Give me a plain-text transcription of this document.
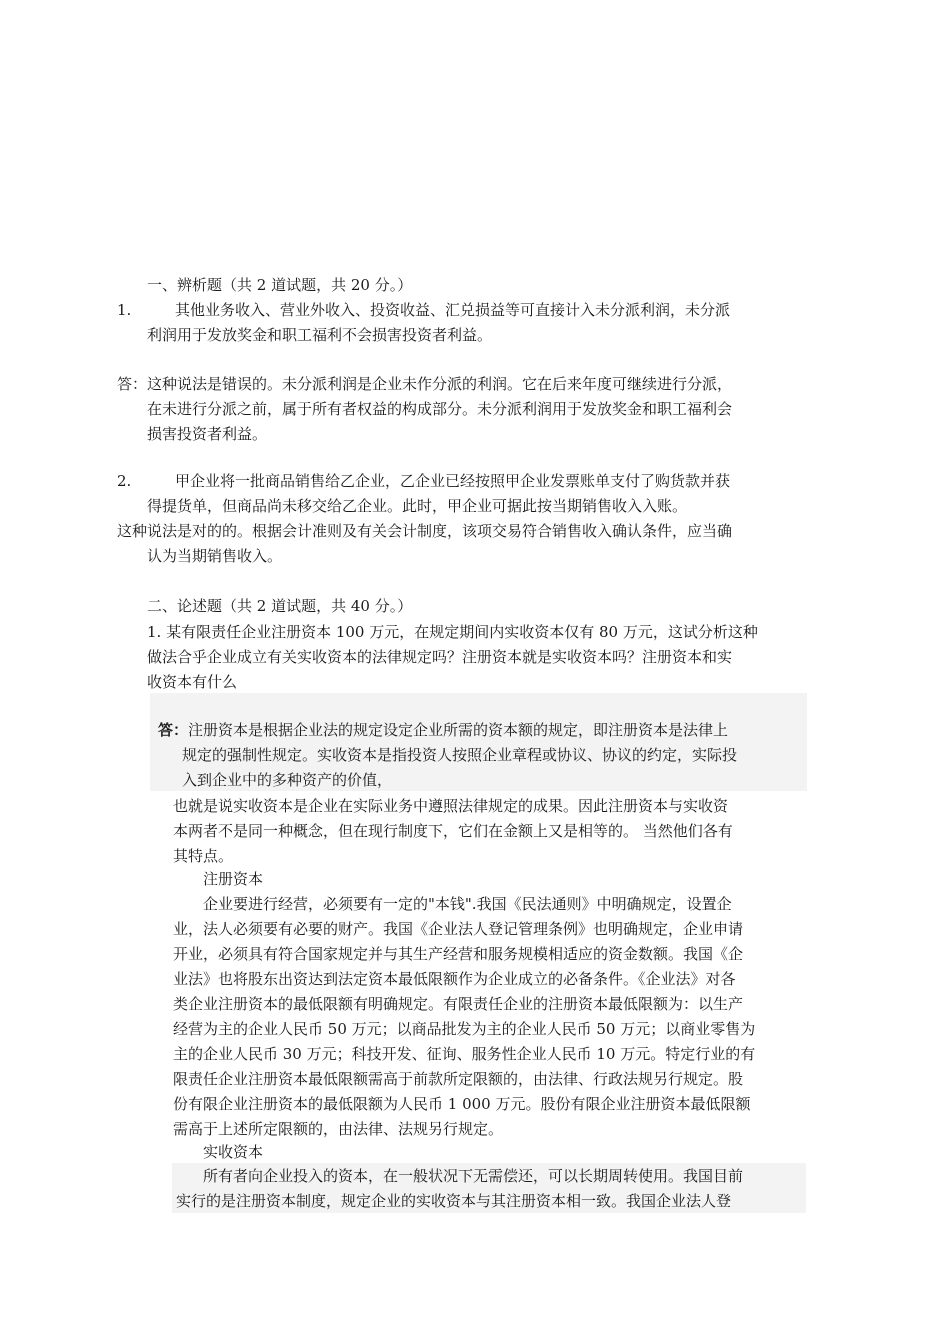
一、辨析题（共 2 道试题，共 20 分。）

1.	其他业务收入、营业外收入、投资收益、汇兑损益等可直接计入未分派利润，未分派

利润用于发放奖金和职工福利不会损害投资者利益。

答： 这种说法是错误的。未分派利润是企业未作分派的利润。它在后来年度可继续进行分派，

在未进行分派之前，属于所有者权益的构成部分。未分派利润用于发放奖金和职工福利会

损害投资者利益。

2.	甲企业将一批商品销售给乙企业，乙企业已经按照甲企业发票账单支付了购货款并获

得提货单，但商品尚未移交给乙企业。此时，甲企业可据此按当期销售收入入账。

这种说法是对的的。根据会计准则及有关会计制度，该项交易符合销售收入确认条件，应当确

认为当期销售收入。

二、论述题（共 2 道试题，共 40 分。）

1. 某有限责任企业注册资本 100 万元，在规定期间内实收资本仅有 80 万元，这试分析这种

做法合乎企业成立有关实收资本的法律规定吗？注册资本就是实收资本吗？注册资本和实

收资本有什么

答： 注册资本是根据企业法的规定设定企业所需的资本额的规定，即注册资本是法律上

规定的强制性规定。实收资本是指投资人按照企业章程或协议、协议的约定，实际投

入到企业中的多种资产的价值，

也就是说实收资本是企业在实际业务中遵照法律规定的成果。因此注册资本与实收资

本两者不是同一种概念，但在现行制度下，它们在金额上又是相等的。 当然他们各有

其特点。

注册资本

企业要进行经营，必须要有一定的"本钱".我国《民法通则》中明确规定，设置企

业，法人必须要有必要的财产。我国《企业法人登记管理条例》也明确规定，企业申请

开业，必须具有符合国家规定并与其生产经营和服务规模相适应的资金数额。我国《企

业法》也将股东出资达到法定资本最低限额作为企业成立的必备条件。《企业法》对各

类企业注册资本的最低限额有明确规定。有限责任企业的注册资本最低限额为：以生产

经营为主的企业人民币 50 万元；以商品批发为主的企业人民币 50 万元；以商业零售为

主的企业人民币 30 万元；科技开发、征询、服务性企业人民币 10 万元。特定行业的有

限责任企业注册资本最低限额需高于前款所定限额的，由法律、行政法规另行规定。股

份有限企业注册资本的最低限额为人民币 1 000 万元。股份有限企业注册资本最低限额

需高于上述所定限额的，由法律、法规另行规定。

实收资本

所有者向企业投入的资本，在一般状况下无需偿还，可以长期周转使用。我国目前

实行的是注册资本制度，规定企业的实收资本与其注册资本相一致。我国企业法人登
